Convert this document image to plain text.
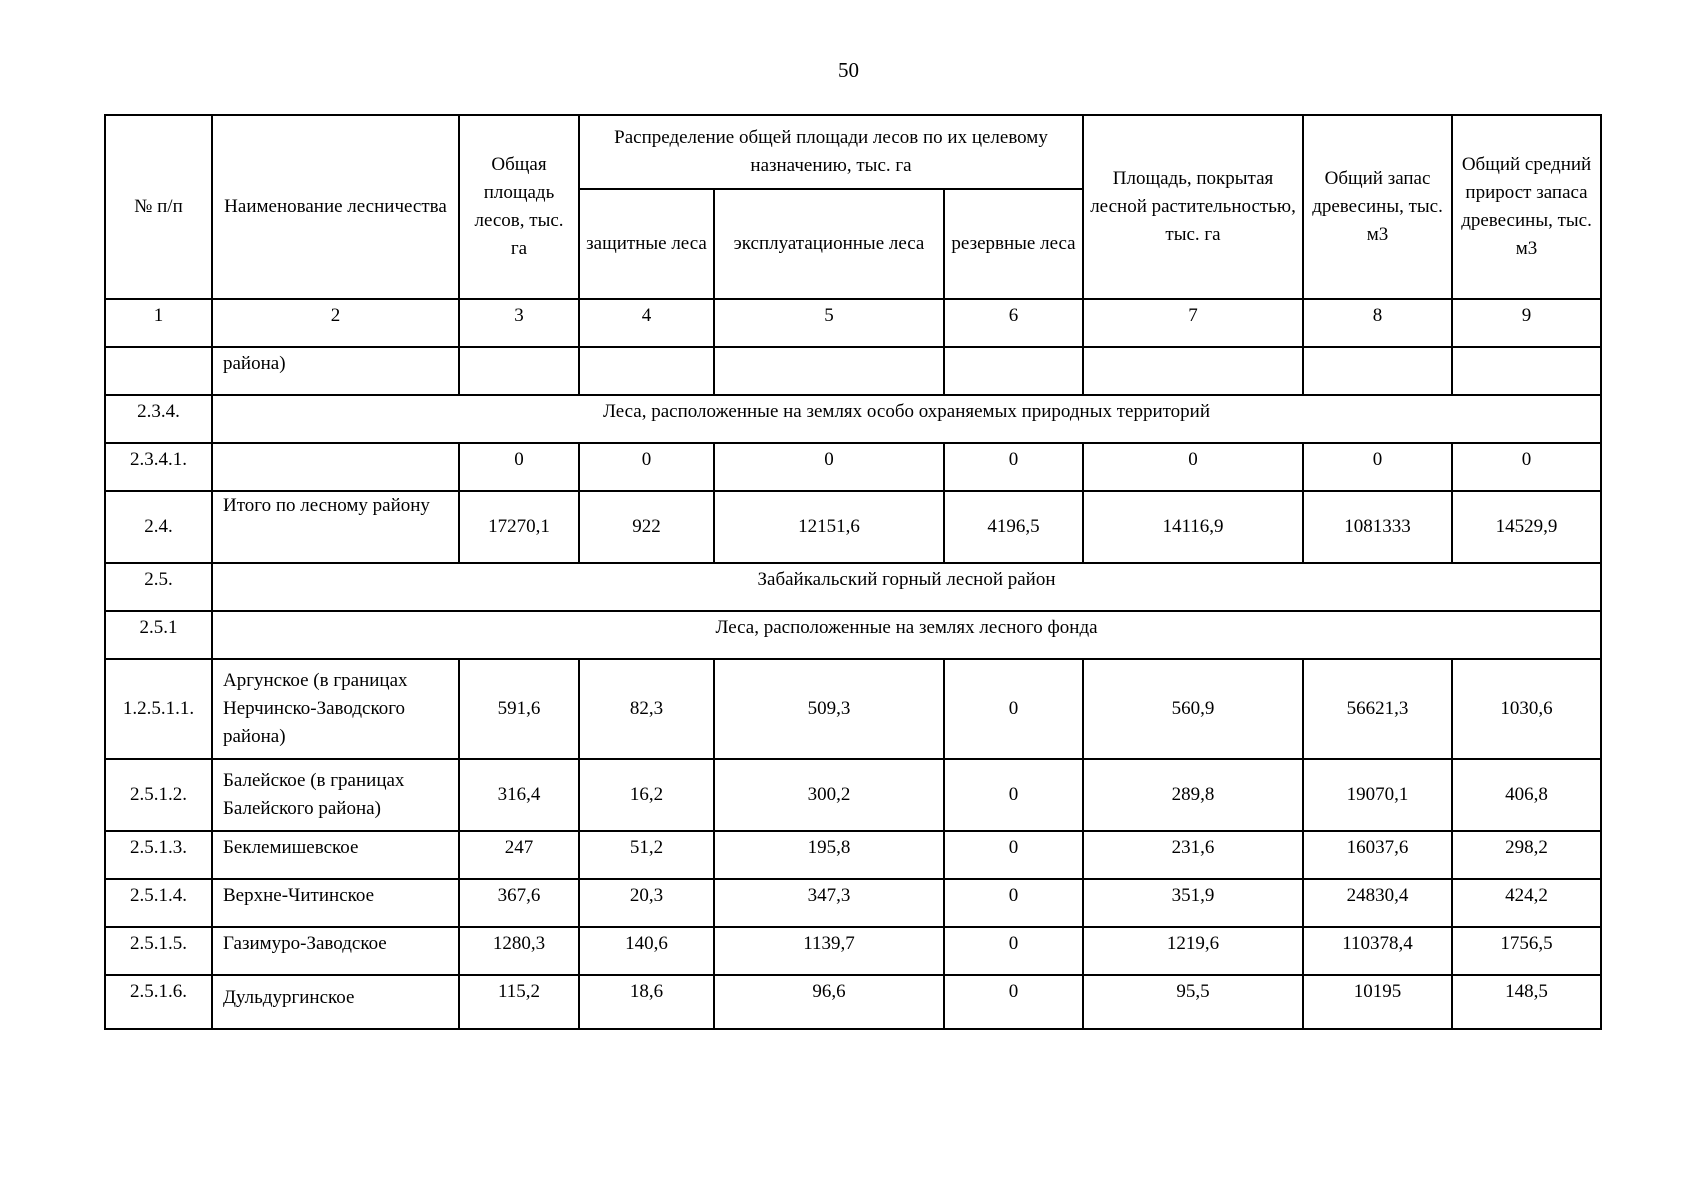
50
№ п/п	Наименование лесничества	Общая площадь лесов, тыс. га	Распределение общей площади лесов по их целевому назначению, тыс. га			Площадь, покрытая лесной растительностью, тыс. га	Общий запас древесины, тыс. м3	Общий средний прирост запаса древесины, тыс. м3
			защитные леса	эксплуатационные леса	резервные леса			
1	2	3	4	5	6	7	8	9
	района)							
2.3.4.	Леса, расположенные на землях особо охраняемых природных территорий							
2.3.4.1.		0	0	0	0	0	0	0
2.4.	Итого по лесному району	17270,1	922	12151,6	4196,5	14116,9	1081333	14529,9
2.5.	Забайкальский горный лесной район							
2.5.1	Леса, расположенные на землях лесного фонда							
1.2.5.1.1.	Аргунское (в границах Нерчинско-Заводского района)	591,6	82,3	509,3	0	560,9	56621,3	1030,6
2.5.1.2.	Балейское (в границах Балейского района)	316,4	16,2	300,2	0	289,8	19070,1	406,8
2.5.1.3.	Беклемишевское	247	51,2	195,8	0	231,6	16037,6	298,2
2.5.1.4.	Верхне-Читинское	367,6	20,3	347,3	0	351,9	24830,4	424,2
2.5.1.5.	Газимуро-Заводское	1280,3	140,6	1139,7	0	1219,6	110378,4	1756,5
2.5.1.6.	Дульдургинское	115,2	18,6	96,6	0	95,5	10195	148,5
